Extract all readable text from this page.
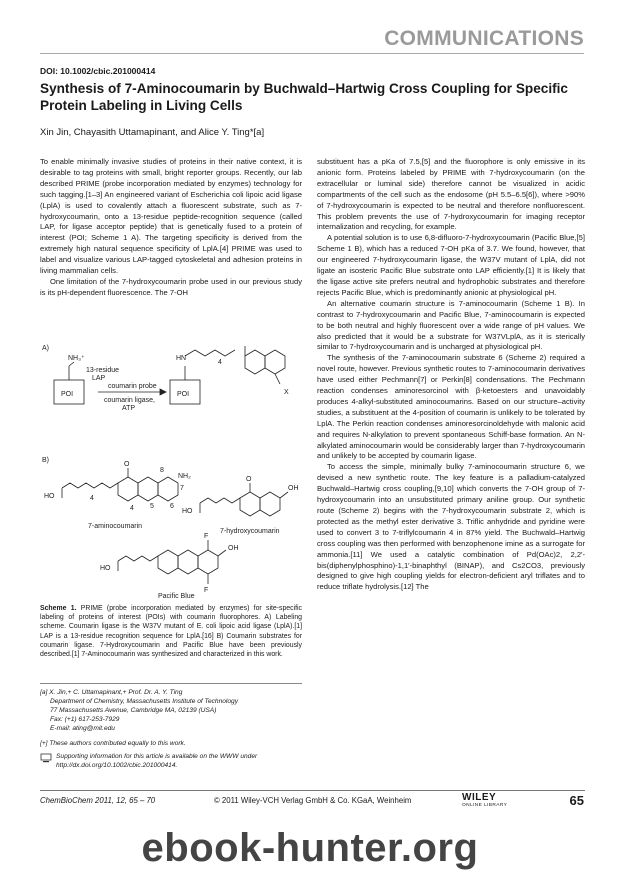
COMMUNICATIONS
DOI: 10.1002/cbic.201000414
Synthesis of 7-Aminocoumarin by Buchwald–Hartwig Cross Coupling for Specific Protein Labeling in Living Cells
Xin Jin, Chayasith Uttamapinant, and Alice Y. Ting*[a]

To enable minimally invasive studies of proteins in their native context, it is desirable to tag proteins with small, bright reporter groups. Recently, our lab described PRIME (probe incorporation mediated by enzymes) technology for such tagging.[1–3] An engineered variant of Escherichia coli lipoic acid ligase (LplA) is used to covalently attach a fluorescent substrate, such as 7-hydroxycoumarin, onto a 13-residue peptide-recognition sequence (called LAP, for ligase acceptor peptide) that is genetically fused to a protein of interest (POI; Scheme 1 A). The targeting specificity is derived from the extremely high natural sequence specificity of LplA.[4] PRIME was used to label and visualize various LAP-tagged cytoskeletal and adhesion proteins in living mammalian cells.

One limitation of the 7-hydroxycoumarin probe used in our previous study is its pH-dependent fluorescence. The 7-OH

A)
B)
NH₃⁺
13-residue
LAP
POI	POI
coumarin probe
coumarin ligase,
ATP
HN
4
X
HO	4
O
NH₂
8
7
6
5
4
7-aminocoumarin
HO
OH
O
7-hydroxycoumarin
HO
F
OH
F
Pacific Blue
Scheme 1. PRIME (probe incorporation mediated by enzymes) for site-specific labeling of proteins of interest (POIs) with coumarin fluorophores. A) Labeling scheme. Coumarin ligase is the W37V mutant of E. coli lipoic acid ligase (LplA).[1] LAP is a 13-residue recognition sequence for LplA.[16] B) Coumarin substrates for coumarin ligase. 7-Hydroxycoumarin and Pacific Blue have been previously described.[1] 7-Aminocoumarin was synthesized and characterized in this work.
[a] X. Jin,+ C. Uttamapinant,+ Prof. Dr. A. Y. Ting
Department of Chemistry, Massachusetts Institute of Technology
77 Massachusetts Avenue, Cambridge MA, 02139 (USA)
Fax: (+1) 617-253-7929
E-mail: ating@mit.edu
[+] These authors contributed equally to this work.
Supporting information for this article is available on the WWW under http://dx.doi.org/10.1002/cbic.201000414.

substituent has a pKa of 7.5,[5] and the fluorophore is only emissive in its anionic form. Proteins labeled by PRIME with 7-hydroxycoumarin (on the extracellular or luminal side) therefore cannot be visualized in acidic compartments of the cell such as the endosome (pH 5.5–6.5[6]), where >90% of 7-hydroxycoumarin is expected to be neutral and therefore nonfluorescent. This problem prevents the use of 7-hydroxycoumarin for imaging receptor internalization and recycling, for example.

A potential solution is to use 6,8-difluoro-7-hydroxycoumarin (Pacific Blue,[5] Scheme 1 B), which has a reduced 7-OH pKa of 3.7. We found, however, that our engineered 7-hydroxycoumarin ligase, the W37V mutant of LplA, did not ligate an isosteric Pacific Blue substrate onto LAP efficiently.[1] It is likely that the ligase active site prefers neutral and hydrophobic substrates and therefore rejects Pacific Blue, which is predominantly anionic at physiological pH.

An alternative coumarin structure is 7-aminocoumarin (Scheme 1 B). In contrast to 7-hydroxycoumarin and Pacific Blue, 7-aminocoumarin is expected to be both neutral and highly fluorescent over a wide range of pH values. We also predicted that it would be a substrate for W37VLplA, as it is sterically similar to 7-hydroxycoumarin and is uncharged at physiological pH.

The synthesis of the 7-aminocoumarin substrate 6 (Scheme 2) required a novel route, however. Previous synthetic routes to 7-aminocoumarin derivatives have used either Pechmann[7] or Perkin[8] condensations. The Pechmann reaction condenses aminoresorcinol with β-ketoesters and unavoidably produces 4-alkyl-substituted aminocoumarins. Based on our structure–activity studies, a substituent at the 4-position of coumarin is unlikely to be tolerated by LplA. The Perkin reaction condenses aminoresorcinoldehyde with malonic acid and requires N-alkylation to prevent spontaneous Schiff-base formation. An N-alkylated aminocoumarin would be considerably larger than 7-hydroxycoumarin and unlikely to be accepted by coumarin ligase.

To access the simple, minimally bulky 7-aminocoumarin structure 6, we devised a new synthetic route. The key feature is a palladium-catalyzed Buchwald–Hartwig cross coupling,[9,10] which converts the 7-OH group of 7-hydroxycoumarin into an unsubstituted primary aniline group. Our synthetic route (Scheme 2) begins with the 7-hydroxycoumarin substrate 2, which is protected as the methyl ester derivative 3. Triflic anhydride and pyridine were used to convert 3 to 7-triflylcoumarin 4 in 87% yield. The Buchwald–Hartwig cross coupling was then performed with benzophenone imine as a surrogate for ammonia.[11] We used a catalytic combination of Pd(OAc)2, 2,2′-bis(diphenylphosphino)-1,1′-binaphthyl (BINAP), and Cs2CO3, previously designed to give high coupling yields for electron-deficient aryl triflates and to reduce triflate hydrolysis.[12] The

ChemBioChem 2011, 12, 65 – 70	© 2011 Wiley-VCH Verlag GmbH & Co. KGaA, Weinheim	WILEY
ONLINE LIBRARY	65
ebook-hunter.org
